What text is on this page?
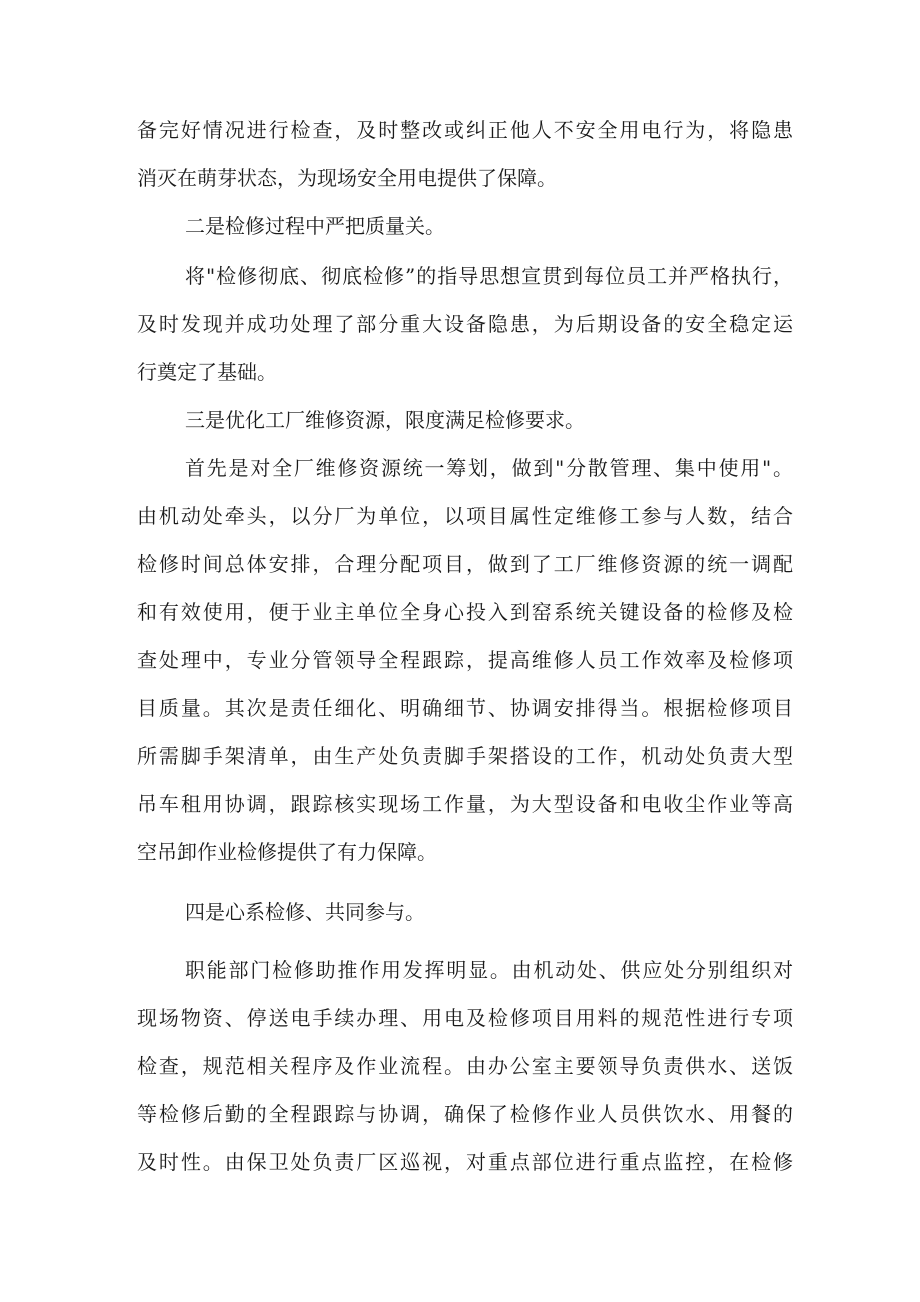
备完好情况进行检查，及时整改或纠正他人不安全用电行为，将隐患

消灭在萌芽状态，为现场安全用电提供了保障。

二是检修过程中严把质量关。

将"检修彻底、彻底检修”的指导思想宣贯到每位员工并严格执行，

及时发现并成功处理了部分重大设备隐患，为后期设备的安全稳定运

行奠定了基础。

三是优化工厂维修资源，限度满足检修要求。

首先是对全厂维修资源统一筹划，做到"分散管理、集中使用"。

由机动处牵头，以分厂为单位，以项目属性定维修工参与人数，结合

检修时间总体安排，合理分配项目，做到了工厂维修资源的统一调配

和有效使用，便于业主单位全身心投入到窑系统关键设备的检修及检

查处理中，专业分管领导全程跟踪，提高维修人员工作效率及检修项

目质量。其次是责任细化、明确细节、协调安排得当。根据检修项目

所需脚手架清单，由生产处负责脚手架搭设的工作，机动处负责大型

吊车租用协调，跟踪核实现场工作量，为大型设备和电收尘作业等高

空吊卸作业检修提供了有力保障。

四是心系检修、共同参与。

职能部门检修助推作用发挥明显。由机动处、供应处分别组织对

现场物资、停送电手续办理、用电及检修项目用料的规范性进行专项

检查，规范相关程序及作业流程。由办公室主要领导负责供水、送饭

等检修后勤的全程跟踪与协调，确保了检修作业人员供饮水、用餐的

及时性。由保卫处负责厂区巡视，对重点部位进行重点监控，在检修
